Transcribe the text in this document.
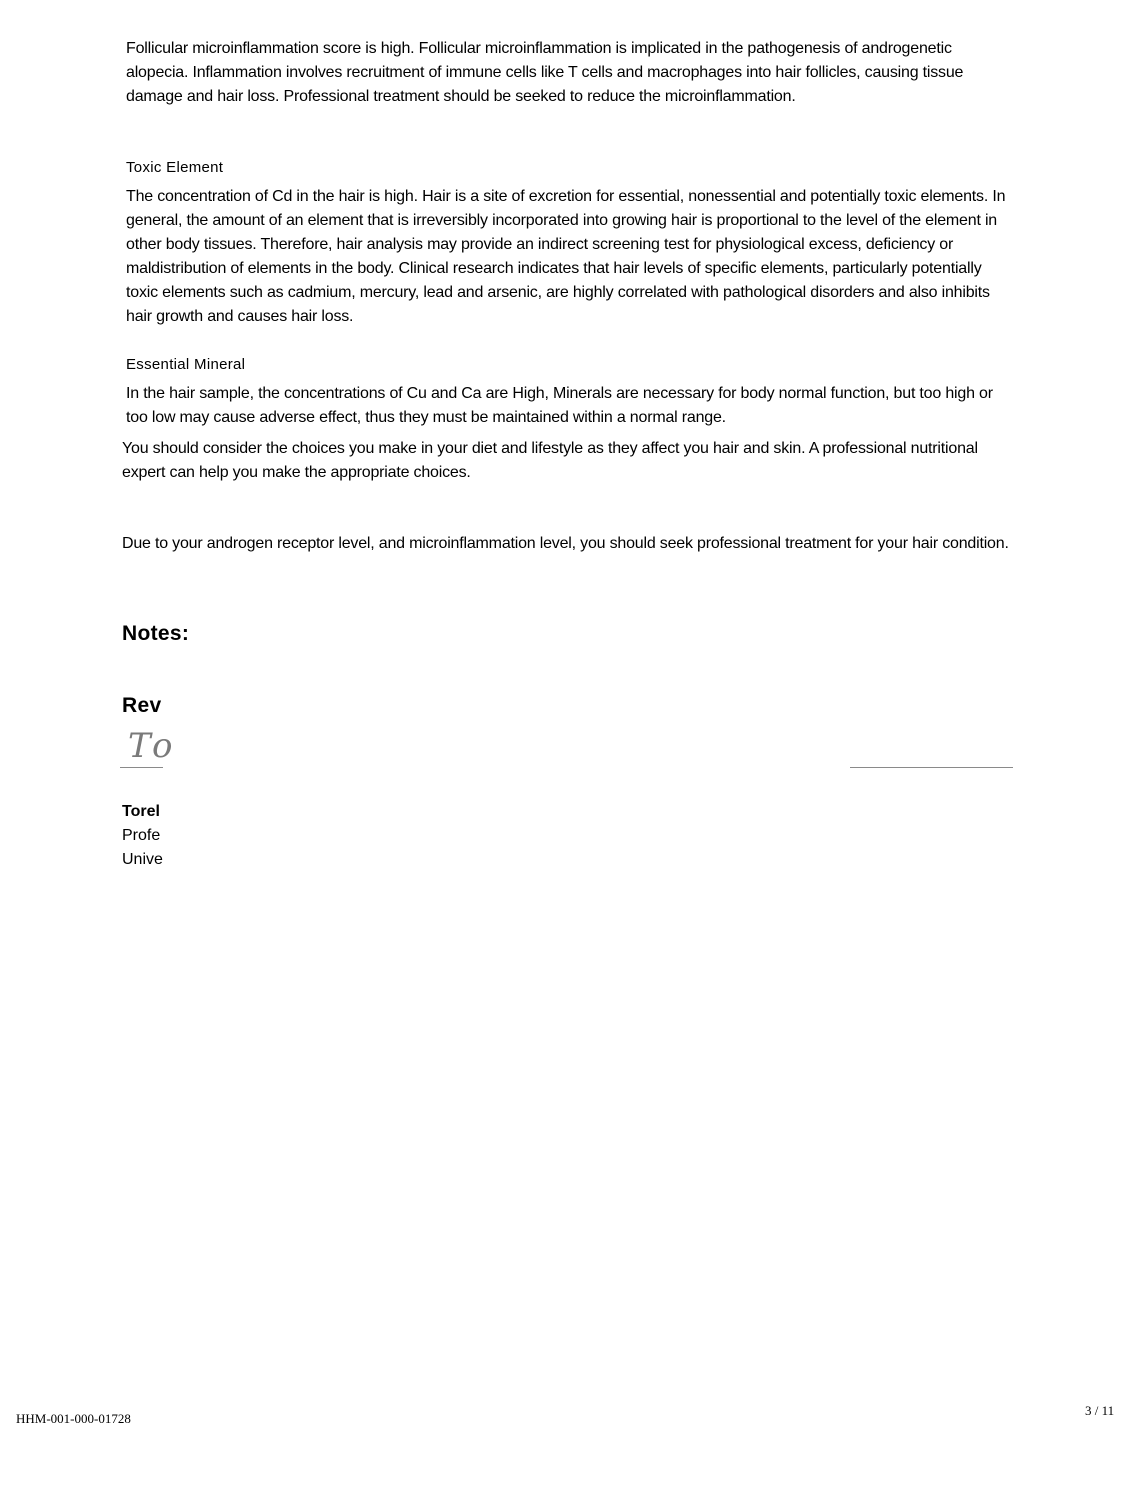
Follicular microinflammation score is high. Follicular microinflammation is implicated in the pathogenesis of androgenetic alopecia. Inflammation involves recruitment of immune cells like T cells and macrophages into hair follicles, causing tissue damage and hair loss. Professional treatment should be seeked to reduce the microinflammation.

Toxic Element

The concentration of Cd in the hair is high. Hair is a site of excretion for essential, nonessential and potentially toxic elements. In general, the amount of an element that is irreversibly incorporated into growing hair is proportional to the level of the element in other body tissues. Therefore, hair analysis may provide an indirect screening test for physiological excess, deficiency or maldistribution of elements in the body. Clinical research indicates that hair levels of specific elements, particularly potentially toxic elements such as cadmium, mercury, lead and arsenic, are highly correlated with pathological disorders and also inhibits hair growth and causes hair loss.

Essential Mineral

In the hair sample, the concentrations of Cu and Ca are High, Minerals are necessary for body normal function, but too high or too low may cause adverse effect, thus they must be maintained within a normal range.

You should consider the choices you make in your diet and lifestyle as they affect you hair and skin. A professional nutritional expert can help you make the appropriate choices.

Due to your androgen receptor level, and microinflammation level, you should seek professional treatment for your hair condition.

Notes:

Rev
To
Torel
Profe
Unive
HHM-001-000-01728
3 / 11
